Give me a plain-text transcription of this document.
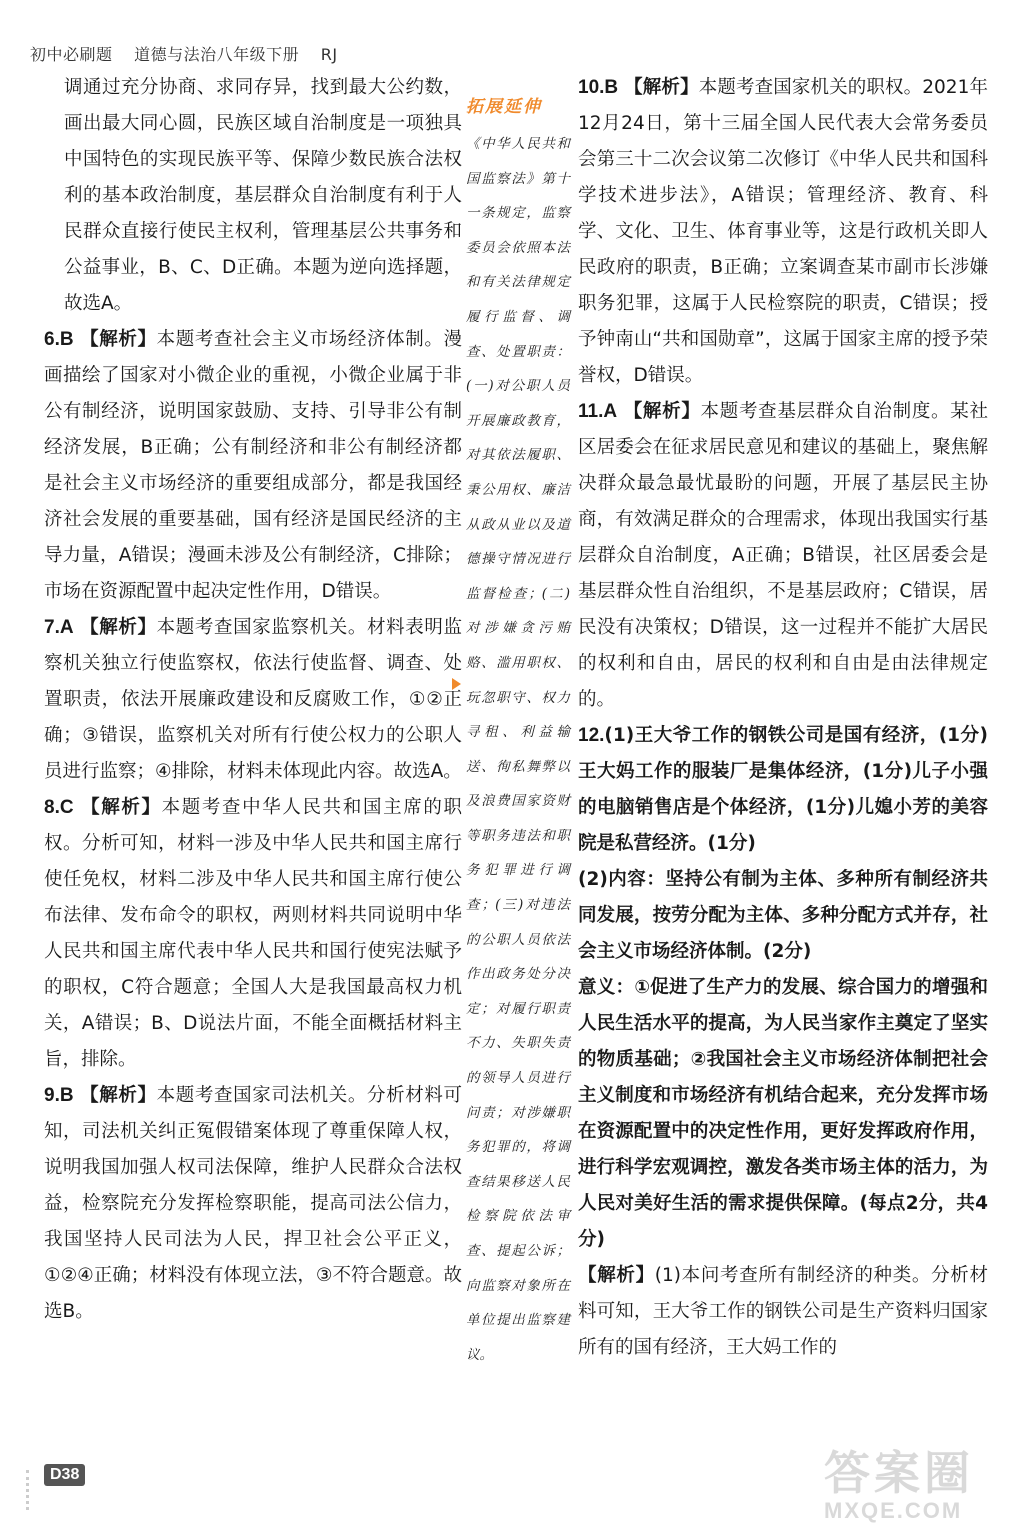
初中必刷题 道德与法治八年级下册 RJ

调通过充分协商、求同存异，找到最大公约数，画出最大同心圆，民族区域自治制度是一项独具中国特色的实现民族平等、保障少数民族合法权利的基本政治制度，基层群众自治制度有利于人民群众直接行使民主权利，管理基层公共事务和公益事业，B、C、D正确。本题为逆向选择题，故选A。

6.B 【解析】本题考查社会主义市场经济体制。漫画描绘了国家对小微企业的重视，小微企业属于非公有制经济，说明国家鼓励、支持、引导非公有制经济发展，B正确；公有制经济和非公有制经济都是社会主义市场经济的重要组成部分，都是我国经济社会发展的重要基础，国有经济是国民经济的主导力量，A错误；漫画未涉及公有制经济，C排除；市场在资源配置中起决定性作用，D错误。

7.A 【解析】本题考查国家监察机关。材料表明监察机关独立行使监察权，依法行使监督、调查、处置职责，依法开展廉政建设和反腐败工作，①②正确；③错误，监察机关对所有行使公权力的公职人员进行监察；④排除，材料未体现此内容。故选A。

8.C 【解析】本题考查中华人民共和国主席的职权。分析可知，材料一涉及中华人民共和国主席行使任免权，材料二涉及中华人民共和国主席行使公布法律、发布命令的职权，两则材料共同说明中华人民共和国主席代表中华人民共和国行使宪法赋予的职权，C符合题意；全国人大是我国最高权力机关，A错误；B、D说法片面，不能全面概括材料主旨，排除。

9.B 【解析】本题考查国家司法机关。分析材料可知，司法机关纠正冤假错案体现了尊重保障人权，说明我国加强人权司法保障，维护人民群众合法权益，检察院充分发挥检察职能，提高司法公信力，我国坚持人民司法为人民，捍卫社会公平正义，①②④正确；材料没有体现立法，③不符合题意。故选B。

拓展延伸
《中华人民共和国监察法》第十一条规定，监察委员会依照本法和有关法律规定履行监督、调查、处置职责：(一)对公职人员开展廉政教育，对其依法履职、秉公用权、廉洁从政从业以及道德操守情况进行监督检查；(二)对涉嫌贪污贿赂、滥用职权、玩忽职守、权力寻租、利益输送、徇私舞弊以及浪费国家资财等职务违法和职务犯罪进行调查；(三)对违法的公职人员依法作出政务处分决定；对履行职责不力、失职失责的领导人员进行问责；对涉嫌职务犯罪的，将调查结果移送人民检察院依法审查、提起公诉；向监察对象所在单位提出监察建议。

10.B 【解析】本题考查国家机关的职权。2021年12月24日，第十三届全国人民代表大会常务委员会第三十二次会议第二次修订《中华人民共和国科学技术进步法》，A错误；管理经济、教育、科学、文化、卫生、体育事业等，这是行政机关即人民政府的职责，B正确；立案调查某市副市长涉嫌职务犯罪，这属于人民检察院的职责，C错误；授予钟南山“共和国勋章”，这属于国家主席的授予荣誉权，D错误。

11.A 【解析】本题考查基层群众自治制度。某社区居委会在征求居民意见和建议的基础上，聚焦解决群众最急最忧最盼的问题，开展了基层民主协商，有效满足群众的合理需求，体现出我国实行基层群众自治制度，A正确；B错误，社区居委会是基层群众性自治组织，不是基层政府；C错误，居民没有决策权；D错误，这一过程并不能扩大居民的权利和自由，居民的权利和自由是由法律规定的。

12.(1)王大爷工作的钢铁公司是国有经济，(1分)王大妈工作的服装厂是集体经济，(1分)儿子小强的电脑销售店是个体经济，(1分)儿媳小芳的美容院是私营经济。(1分)

(2)内容：坚持公有制为主体、多种所有制经济共同发展，按劳分配为主体、多种分配方式并存，社会主义市场经济体制。(2分)

意义：①促进了生产力的发展、综合国力的增强和人民生活水平的提高，为人民当家作主奠定了坚实的物质基础；②我国社会主义市场经济体制把社会主义制度和市场经济有机结合起来，充分发挥市场在资源配置中的决定性作用，更好发挥政府作用，进行科学宏观调控，激发各类市场主体的活力，为人民对美好生活的需求提供保障。(每点2分，共4分)

【解析】(1)本问考查所有制经济的种类。分析材料可知，王大爷工作的钢铁公司是生产资料归国家所有的国有经济，王大妈工作的

D38	答案圈
MXQE.COM
